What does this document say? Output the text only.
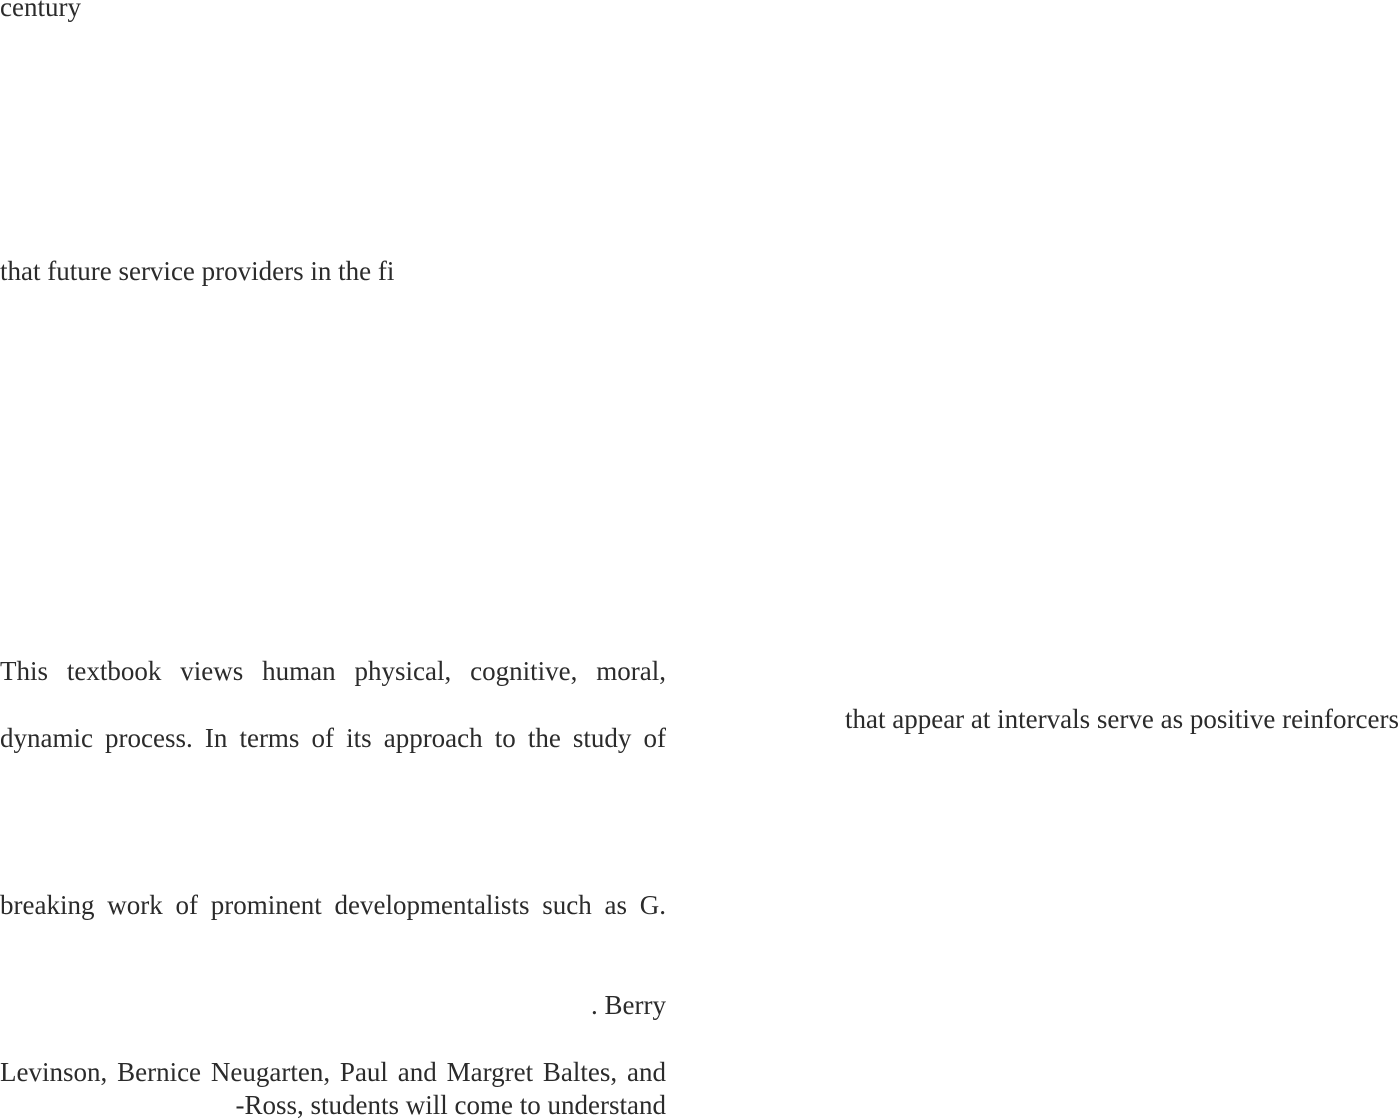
century

that future service providers in the fi

This textbook views human physical, cognitive, moral,

dynamic process. In terms of its approach to the study of

that appear at intervals serve as positive reinforcers

breaking work of prominent developmentalists such as G.

. Berry

Levinson, Bernice Neugarten, Paul and Margret Baltes, and

-Ross, students will come to understand
